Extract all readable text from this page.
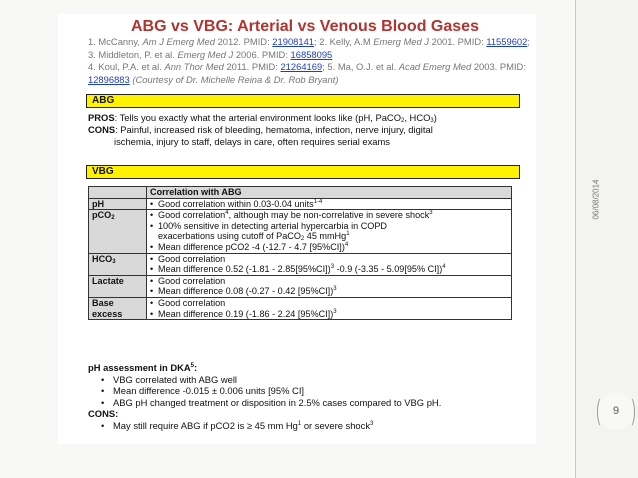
ABG vs VBG: Arterial vs Venous Blood Gases
1. McCanny, Am J Emerg Med 2012. PMID: 21908141; 2. Kelly, A.M Emerg Med J 2001. PMID: 11559602; 3. Middleton, P. et al. Emerg Med J 2006. PMID: 16858095
4. Koul, P.A. et al. Ann Thor Med 2011. PMID: 21264169; 5. Ma, O.J. et al. Acad Emerg Med 2003. PMID: 12896883 (Courtesy of Dr. Michelle Reina & Dr. Rob Bryant)
ABG
PROS: Tells you exactly what the arterial environment looks like (pH, PaCO$_2$, $HCO_3$)
CONS: Painful, increased risk of bleeding, hematoma, infection, nerve injury, digital
ischemia, injury to staff, delays in care, often requires serial exams
VBG
	Correlation with ABG
pH	• Good correlation within 0.03-0.04 units$^{1-4}$

pCO$_2$	• Good correlation$^4$, although may be non-correlative in severe shock$^3$
• 100% sensitive in detecting arterial hypercarbia in COPD
exacerbations using cutoff of PaCO$_2$ 45 mmHg$^1$
• Mean difference pCO2 -4 (-12.7 - 4.7 [95%CI])$^4$

$HCO_3$	• Good correlation
• Mean difference 0.52 (-1.81 - 2.85[95%CI])$^3$ -0.9 (-3.35 - 5.09[95% CI])$^4$

Lactate	• Good correlation
• Mean difference 0.08 (-0.27 - 0.42 [95%CI])$^3$

Base excess	• Good correlation
• Mean difference 0.19 (-1.86 - 2.24 [95%CI])$^3$
pH assessment in DKA$^5$:
• VBG correlated with ABG well
• Mean difference -0.015 ± 0.006 units [95% CI]
• ABG pH changed treatment or disposition in 2.5% cases compared to VBG pH.
CONS:
• May still require ABG if pCO2 is ≥ 45 mm Hg$^1$ or severe shock$^3$
06/08/2014
9
